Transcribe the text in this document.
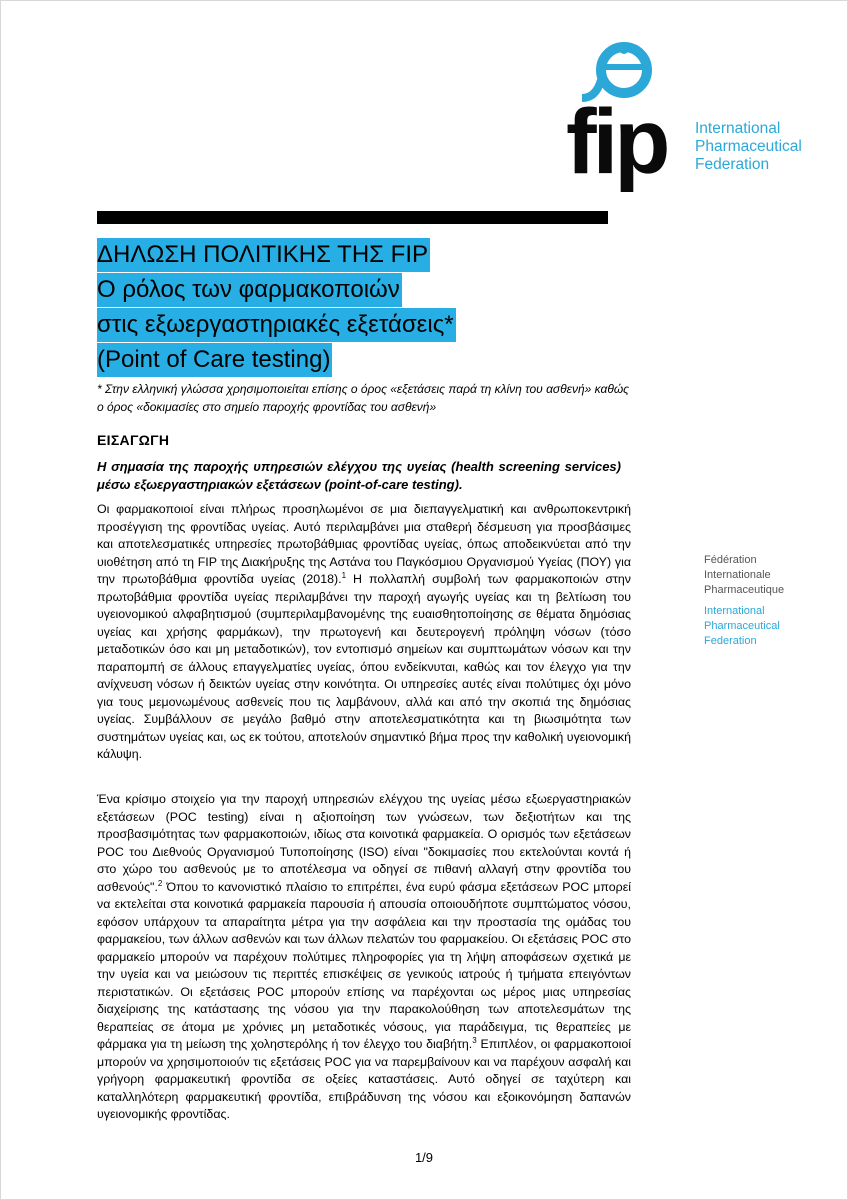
fip International
Pharmaceutical
Federation
ΔΗΛΩΣΗ ΠΟΛΙΤΙΚΗΣ ΤΗΣ FIP
Ο ρόλος των φαρμακοποιών
στις εξωεργαστηριακές εξετάσεις*
(Point of Care testing)
* Στην ελληνική γλώσσα χρησιμοποιείται επίσης ο όρος «εξετάσεις παρά τη κλίνη του ασθενή» καθώς ο όρος «δοκιμασίες στο σημείο παροχής φροντίδας του ασθενή»
ΕΙΣΑΓΩΓΗ
Η σημασία της παροχής υπηρεσιών ελέγχου της υγείας (health screening services) μέσω εξωεργαστηριακών εξετάσεων (point-of-care testing).
Οι φαρμακοποιοί είναι πλήρως προσηλωμένοι σε μια διεπαγγελματική και ανθρωποκεντρική προσέγγιση της φροντίδας υγείας. Αυτό περιλαμβάνει μια σταθερή δέσμευση για προσβάσιμες και αποτελεσματικές υπηρεσίες πρωτοβάθμιας φροντίδας υγείας, όπως αποδεικνύεται από την υιοθέτηση από τη FIP της Διακήρυξης της Αστάνα του Παγκόσμιου Οργανισμού Υγείας (ΠΟΥ) για την πρωτοβάθμια φροντίδα υγείας (2018).$^1$ Η πολλαπλή συμβολή των φαρμακοποιών στην πρωτοβάθμια φροντίδα υγείας περιλαμβάνει την παροχή αγωγής υγείας και τη βελτίωση του υγειονομικού αλφαβητισμού (συμπεριλαμβανομένης της ευαισθητοποίησης σε θέματα δημόσιας υγείας και χρήσης φαρμάκων), την πρωτογενή και δευτερογενή πρόληψη νόσων (τόσο μεταδοτικών όσο και μη μεταδοτικών), τον εντοπισμό σημείων και συμπτωμάτων νόσων και την παραπομπή σε άλλους επαγγελματίες υγείας, όπου ενδείκνυται, καθώς και τον έλεγχο για την ανίχνευση νόσων ή δεικτών υγείας στην κοινότητα. Οι υπηρεσίες αυτές είναι πολύτιμες όχι μόνο για τους μεμονωμένους ασθενείς που τις λαμβάνουν, αλλά και από την σκοπιά της δημόσιας υγείας. Συμβάλλουν σε μεγάλο βαθμό στην αποτελεσματικότητα και τη βιωσιμότητα των συστημάτων υγείας και, ως εκ τούτου, αποτελούν σημαντικό βήμα προς την καθολική υγειονομική κάλυψη.
Ένα κρίσιμο στοιχείο για την παροχή υπηρεσιών ελέγχου της υγείας μέσω εξωεργαστηριακών εξετάσεων (POC testing) είναι η αξιοποίηση των γνώσεων, των δεξιοτήτων και της προσβασιμότητας των φαρμακοποιών, ιδίως στα κοινοτικά φαρμακεία. Ο ορισμός των εξετάσεων POC του Διεθνούς Οργανισμού Τυποποίησης (ISO) είναι "δοκιμασίες που εκτελούνται κοντά ή στο χώρο του ασθενούς με το αποτέλεσμα να οδηγεί σε πιθανή αλλαγή στην φροντίδα του ασθενούς".$^2$ Όπου το κανονιστικό πλαίσιο το επιτρέπει, ένα ευρύ φάσμα εξετάσεων POC μπορεί να εκτελείται στα κοινοτικά φαρμακεία παρουσία ή απουσία οποιουδήποτε συμπτώματος νόσου, εφόσον υπάρχουν τα απαραίτητα μέτρα για την ασφάλεια και την προστασία της ομάδας του φαρμακείου, των άλλων ασθενών και των άλλων πελατών του φαρμακείου. Οι εξετάσεις POC στο φαρμακείο μπορούν να παρέχουν πολύτιμες πληροφορίες για τη λήψη αποφάσεων σχετικά με την υγεία και να μειώσουν τις περιττές επισκέψεις σε γενικούς ιατρούς ή τμήματα επειγόντων περιστατικών. Οι εξετάσεις POC μπορούν επίσης να παρέχονται ως μέρος μιας υπηρεσίας διαχείρισης της κατάστασης της νόσου για την παρακολούθηση των αποτελεσμάτων της θεραπείας σε άτομα με χρόνιες μη μεταδοτικές νόσους, για παράδειγμα, τις θεραπείες με φάρμακα για τη μείωση της χοληστερόλης ή τον έλεγχο του διαβήτη.$^3$ Επιπλέον, οι φαρμακοποιοί μπορούν να χρησιμοποιούν τις εξετάσεις POC για να παρεμβαίνουν και να παρέχουν ασφαλή και γρήγορη φαρμακευτική φροντίδα σε οξείες καταστάσεις. Αυτό οδηγεί σε ταχύτερη και καταλληλότερη φαρμακευτική φροντίδα, επιβράδυνση της νόσου και εξοικονόμηση δαπανών υγειονομικής φροντίδας.
Fédération
Internationale
Pharmaceutique
International
Pharmaceutical
Federation
1/9
